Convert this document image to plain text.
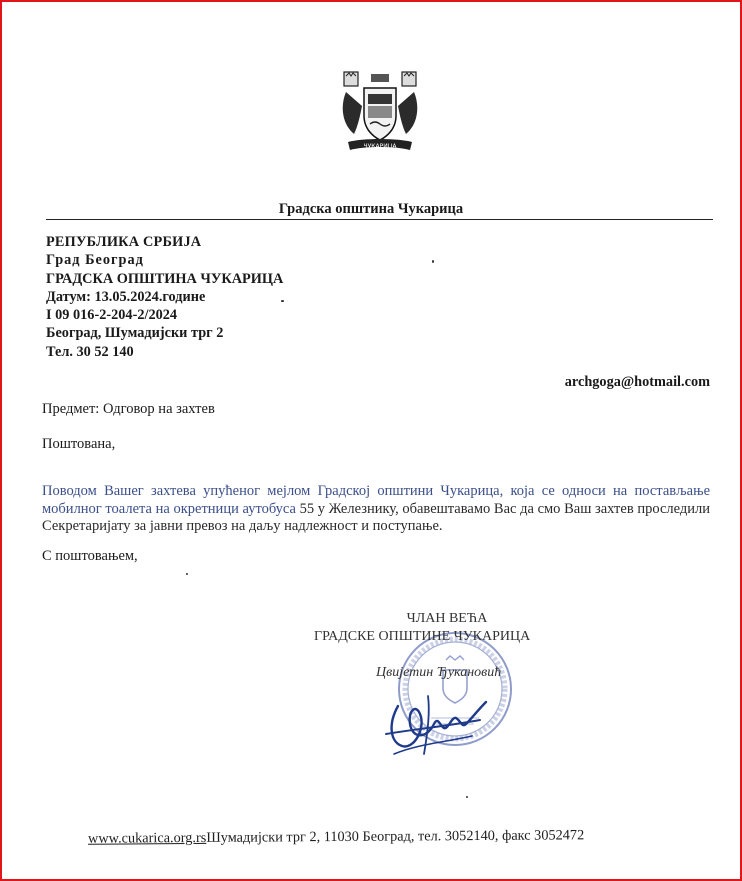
ЧУКАРИЦА
Градска општина Чукарица
РЕПУБЛИКА СРБИЈА
Град Београд
ГРАДСКА ОПШТИНА ЧУКАРИЦА
Датум: 13.05.2024.године
I 09 016-2-204-2/2024
Београд, Шумадијски трг 2
Тел. 30 52 140
archgoga@hotmail.com
Предмет: Одговор на захтев
Поштована,
Поводом Вашег захтева упућеног мејлом Градској општини Чукарица, која се односи на постављање мобилног тоалета на окретници аутобуса 55 у Железнику, обавештавамо Вас да смо Ваш захтев проследили Секретаријату за јавни превоз на даљу надлежност и поступање.
С поштовањем,
ЧЛАН ВЕЋА
ГРАДСКЕ ОПШТИНЕ ЧУКАРИЦА
Цвијетин Ђукановић
www.cukarica.org.rsШумадијски трг 2, 11030 Београд, тел. 3052140, факс 3052472
